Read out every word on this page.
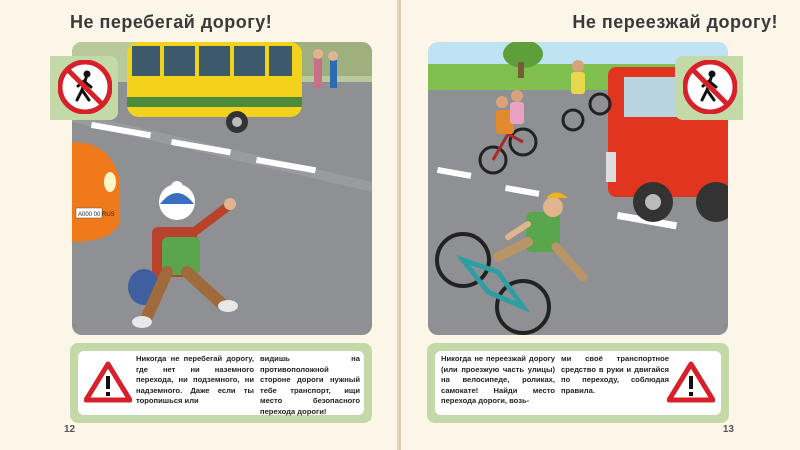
Не перебегай дорогу!
А000 00 RUS
Никогда не перебегай дорогу, где нет ни наземного перехода, ни подземного, ни надземного. Даже если ты торопишься или
видишь на противоположной стороне дороги нужный тебе транспорт, ищи место безопасного перехода дороги!
12
Не переезжай дорогу!
Никогда не переезжай дорогу (или проезжую часть улицы) на велосипеде, роликах, самокате! Найди место перехода дороги, возь-
ми своё транспортное средство в руки и двигайся по переходу, соблюдая правила.
13
